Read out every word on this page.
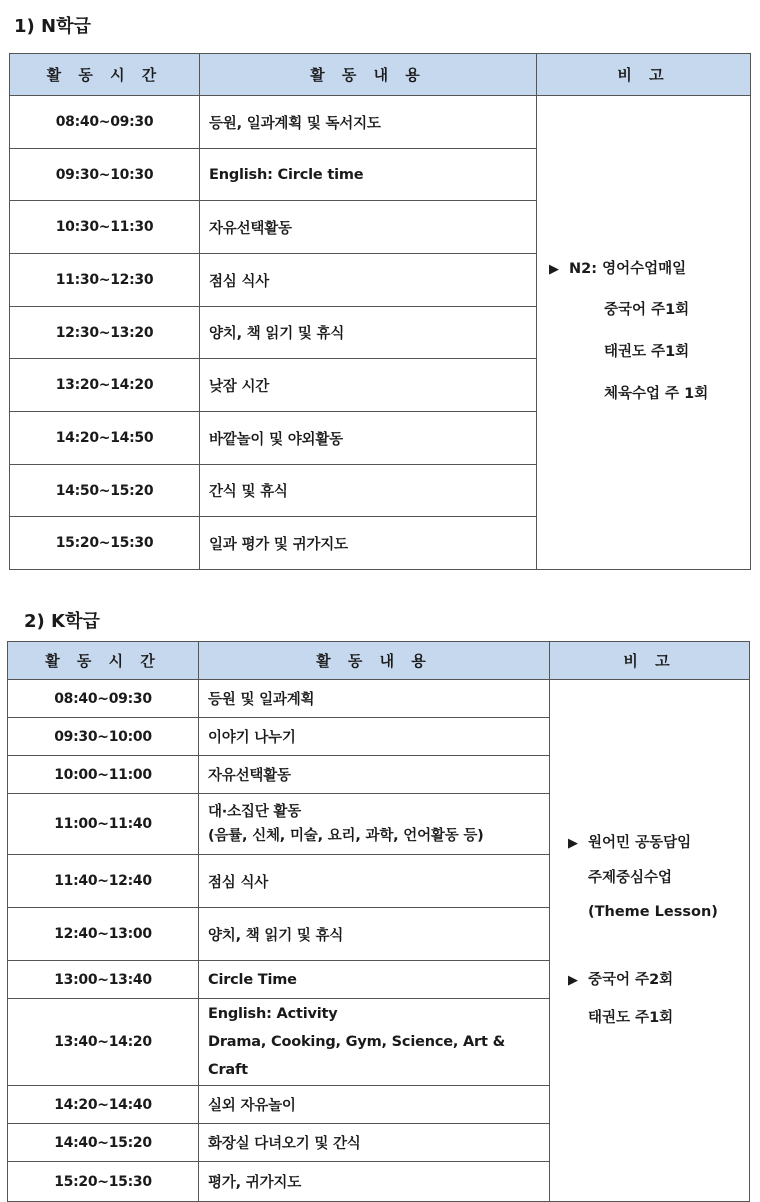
1) N학급
활 동 시 간	활 동 내 용	비 고
08:40~09:30	등원, 일과계획 및 독서지도	▶ N2: 영어수업매일
중국어 주1회
태권도 주1회
체육수업 주 1회

09:30~10:30	English: Circle time	
10:30~11:30	자유선택활동	
11:30~12:30	점심 식사	
12:30~13:20	양치, 책 읽기 및 휴식	
13:20~14:20	낮잠 시간	
14:20~14:50	바깥놀이 및 야외활동	
14:50~15:20	간식 및 휴식	
15:20~15:30	일과 평가 및 귀가지도	
2) K학급
활 동 시 간	활 동 내 용	비 고
08:40~09:30	등원 및 일과계획	▶ 원어민 공동담임
주제중심수업
(Theme Lesson)
▶ 중국어 주2회
태권도 주1회

09:30~10:00	이야기 나누기	
10:00~11:00	자유선택활동	
11:00~11:40	대·소집단 활동
(음률, 신체, 미술, 요리, 과학, 언어활동 등)	

11:40~12:40	점심 식사	
12:40~13:00	양치, 책 읽기 및 휴식	
13:00~13:40	Circle Time	
13:40~14:20	English: Activity
Drama, Cooking, Gym, Science, Art & Craft	

14:20~14:40	실외 자유놀이	
14:40~15:20	화장실 다녀오기 및 간식	
15:20~15:30	평가, 귀가지도	
